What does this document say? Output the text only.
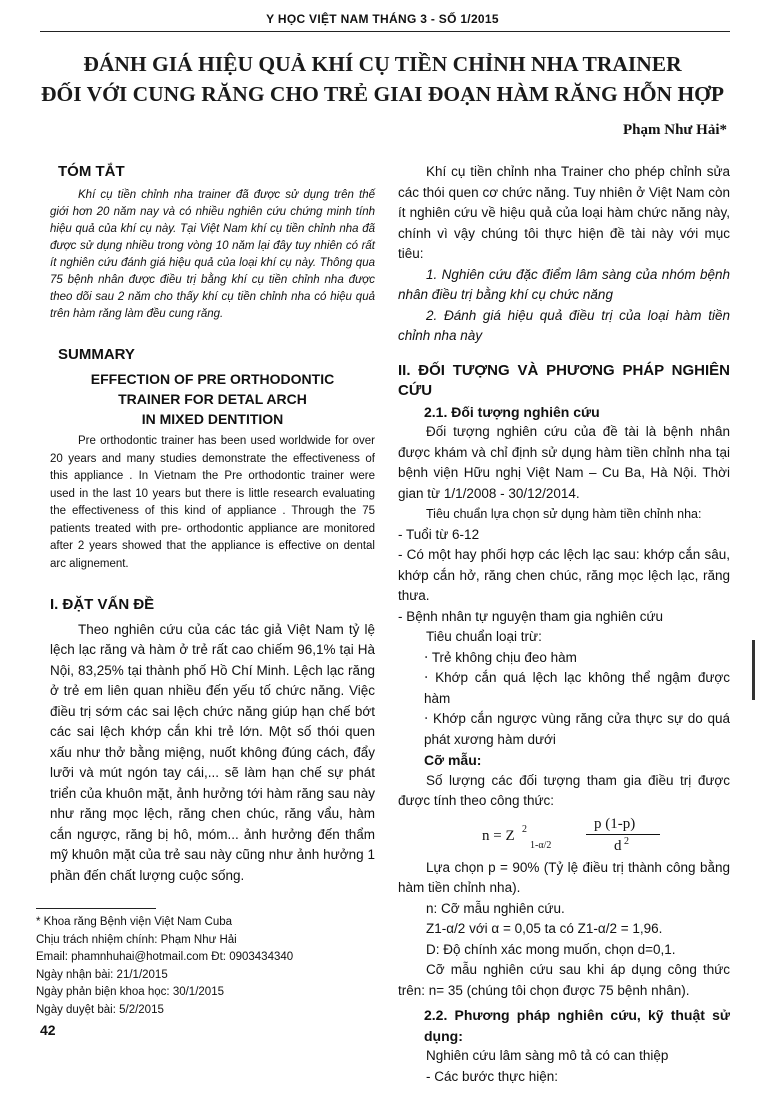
Y HỌC VIỆT NAM THÁNG 3 - SỐ 1/2015
ĐÁNH GIÁ HIỆU QUẢ KHÍ CỤ TIỀN CHỈNH NHA TRAINER
ĐỐI VỚI CUNG RĂNG CHO TRẺ GIAI ĐOẠN HÀM RĂNG HỖN HỢP
Phạm Như Hải*
TÓM TẮT

Khí cụ tiền chỉnh nha trainer đã được sử dụng trên thế giới hơn 20 năm nay và có nhiều nghiên cứu chứng minh tính hiệu quả của khí cụ này. Tại Việt Nam khí cụ tiền chỉnh nha đã được sử dụng nhiều trong vòng 10 năm lại đây tuy nhiên có rất ít nghiên cứu đánh giá hiệu quả của loại khí cụ này. Thông qua 75 bệnh nhân được điều trị bằng khí cụ tiền chỉnh nha được theo dõi sau 2 năm cho thấy khí cụ tiền chỉnh nha có hiệu quả trên hàm răng làm đều cung răng.

SUMMARY
EFFECTION OF PRE ORTHODONTIC
TRAINER FOR DETAL ARCH
IN MIXED DENTITION

Pre orthodontic trainer has been used worldwide for over 20 years and many studies demonstrate the effectiveness of this appliance . In Vietnam the Pre orthodontic trainer were used in the last 10 years but there is little research evaluating the effectiveness of this kind of appliance . Through the 75 patients treated with pre- orthodontic appliance are monitored after 2 years showed that the appliance is effective on dental arc alignement.

I. ĐẶT VẤN ĐỀ

Theo nghiên cứu của các tác giả Việt Nam tỷ lệ lệch lạc răng và hàm ở trẻ rất cao chiếm 96,1% tại Hà Nội, 83,25% tại thành phố Hồ Chí Minh. Lệch lạc răng ở trẻ em liên quan nhiều đến yếu tố chức năng. Việc điều trị sớm các sai lệch chức năng giúp hạn chế bớt các sai lệch khớp cắn khi trẻ lớn. Một số thói quen xấu như thở bằng miệng, nuốt không đúng cách, đẩy lưỡi và mút ngón tay cái,... sẽ làm hạn chế sự phát triển của khuôn mặt, ảnh hưởng tới hàm răng sau này như răng mọc lệch, răng chen chúc, răng vẩu, hàm cắn ngược, răng bị hô, móm... ảnh hưởng đến thẩm mỹ khuôn mặt của trẻ sau này cũng như ảnh hưởng 1 phần đến chất lượng cuộc sống.

* Khoa răng Bệnh viện Việt Nam Cuba
Chịu trách nhiệm chính: Phạm Như Hải
Email: phamnhuhai@hotmail.com Đt: 0903434340
Ngày nhận bài: 21/1/2015
Ngày phản biện khoa học: 30/1/2015
Ngày duyệt bài: 5/2/2015
42

Khí cụ tiền chỉnh nha Trainer cho phép chỉnh sửa các thói quen cơ chức năng. Tuy nhiên ở Việt Nam còn ít nghiên cứu về hiệu quả của loại hàm chức năng này, chính vì vậy chúng tôi thực hiện đề tài này với mục tiêu:

1. Nghiên cứu đặc điểm lâm sàng của nhóm bệnh nhân điều trị bằng khí cụ chức năng

2. Đánh giá hiệu quả điều trị của loại hàm tiền chỉnh nha này

II. ĐỐI TƯỢNG VÀ PHƯƠNG PHÁP NGHIÊN CỨU
2.1. Đối tượng nghiên cứu

Đối tượng nghiên cứu của đề tài là bệnh nhân được khám và chỉ định sử dụng hàm tiền chỉnh nha tại bệnh viện Hữu nghị Việt Nam – Cu Ba, Hà Nội. Thời gian từ 1/1/2008 - 30/12/2014.

Tiêu chuẩn lựa chọn sử dụng hàm tiền chỉnh nha:

- Tuổi từ 6-12

- Có một hay phối hợp các lệch lạc sau: khớp cắn sâu, khớp cắn hở, răng chen chúc, răng mọc lệch lạc, răng thưa.

- Bệnh nhân tự nguyện tham gia nghiên cứu

Tiêu chuẩn loại trừ:

‧ Trẻ không chịu đeo hàm

‧ Khớp cắn quá lệch lạc không thể ngậm được hàm

‧ Khớp cắn ngược vùng răng cửa thực sự do quá phát xương hàm dưới

Cỡ mẫu:

Số lượng các đối tượng tham gia điều trị được được tính theo công thức:

n = Z 2
1-α/2
p (1-p)
d 2

Lựa chọn p = 90% (Tỷ lệ điều trị thành công bằng hàm tiền chỉnh nha).

n: Cỡ mẫu nghiên cứu.

Z1-α/2 với α = 0,05 ta có Z1-α/2 = 1,96.

D: Độ chính xác mong muốn, chọn d=0,1.

Cỡ mẫu nghiên cứu sau khi áp dụng công thức trên: n= 35 (chúng tôi chọn được 75 bệnh nhân).

2.2. Phương pháp nghiên cứu, kỹ thuật sử dụng:

Nghiên cứu lâm sàng mô tả có can thiệp

- Các bước thực hiện:
